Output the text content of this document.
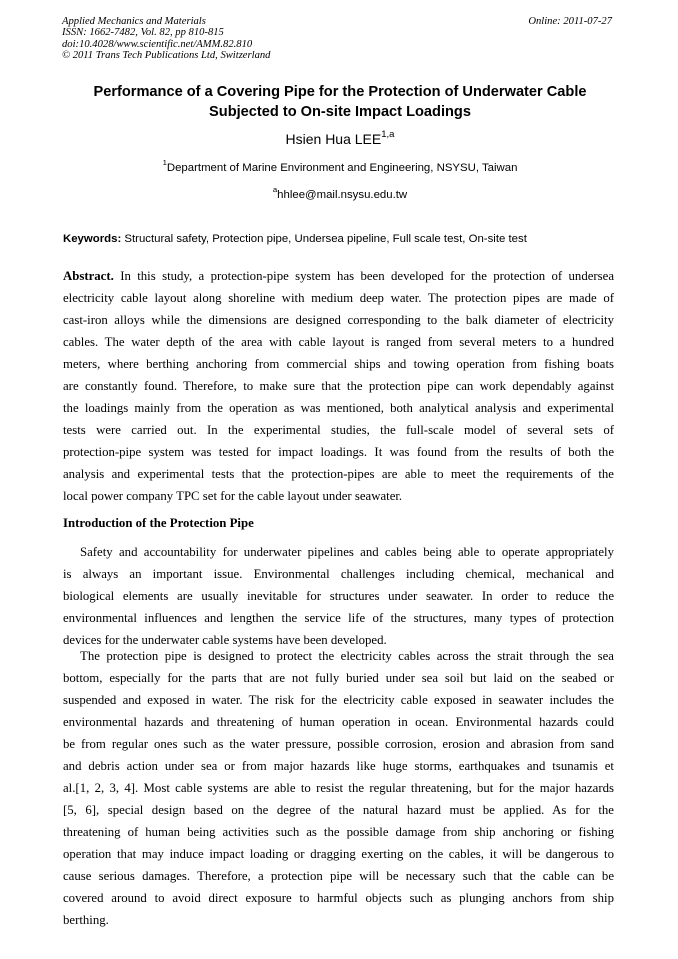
Applied Mechanics and Materials
ISSN: 1662-7482, Vol. 82, pp 810-815
doi:10.4028/www.scientific.net/AMM.82.810
© 2011 Trans Tech Publications Ltd, Switzerland
Online: 2011-07-27
Performance of a Covering Pipe for the Protection of Underwater Cable
Subjected to On-site Impact Loadings
Hsien Hua LEE$^{1,a}$
$^1$Department of Marine Environment and Engineering, NSYSU, Taiwan
$^a$hhlee@mail.nsysu.edu.tw
Keywords: Structural safety, Protection pipe, Undersea pipeline, Full scale test, On-site test
Abstract. In this study, a protection-pipe system has been developed for the protection of undersea
electricity cable layout along shoreline with medium deep water. The protection pipes are made of
cast-iron alloys while the dimensions are designed corresponding to the balk diameter of electricity
cables. The water depth of the area with cable layout is ranged from several meters to a hundred
meters, where berthing anchoring from commercial ships and towing operation from fishing boats
are constantly found. Therefore, to make sure that the protection pipe can work dependably against
the loadings mainly from the operation as was mentioned, both analytical analysis and experimental
tests were carried out. In the experimental studies, the full-scale model of several sets of
protection-pipe system was tested for impact loadings. It was found from the results of both the
analysis and experimental tests that the protection-pipes are able to meet the requirements of the
local power company TPC set for the cable layout under seawater.
Introduction of the Protection Pipe
Safety and accountability for underwater pipelines and cables being able to operate appropriately
is always an important issue. Environmental challenges including chemical, mechanical and
biological elements are usually inevitable for structures under seawater. In order to reduce the
environmental influences and lengthen the service life of the structures, many types of protection
devices for the underwater cable systems have been developed.
The protection pipe is designed to protect the electricity cables across the strait through the sea
bottom, especially for the parts that are not fully buried under sea soil but laid on the seabed or
suspended and exposed in water. The risk for the electricity cable exposed in seawater includes the
environmental hazards and threatening of human operation in ocean. Environmental hazards could
be from regular ones such as the water pressure, possible corrosion, erosion and abrasion from sand
and debris action under sea or from major hazards like huge storms, earthquakes and tsunamis et
al.[1, 2, 3, 4]. Most cable systems are able to resist the regular threatening, but for the major hazards
[5, 6], special design based on the degree of the natural hazard must be applied. As for the
threatening of human being activities such as the possible damage from ship anchoring or fishing
operation that may induce impact loading or dragging exerting on the cables, it will be dangerous to
cause serious damages. Therefore, a protection pipe will be necessary such that the cable can be
covered around to avoid direct exposure to harmful objects such as plunging anchors from ship
berthing.
